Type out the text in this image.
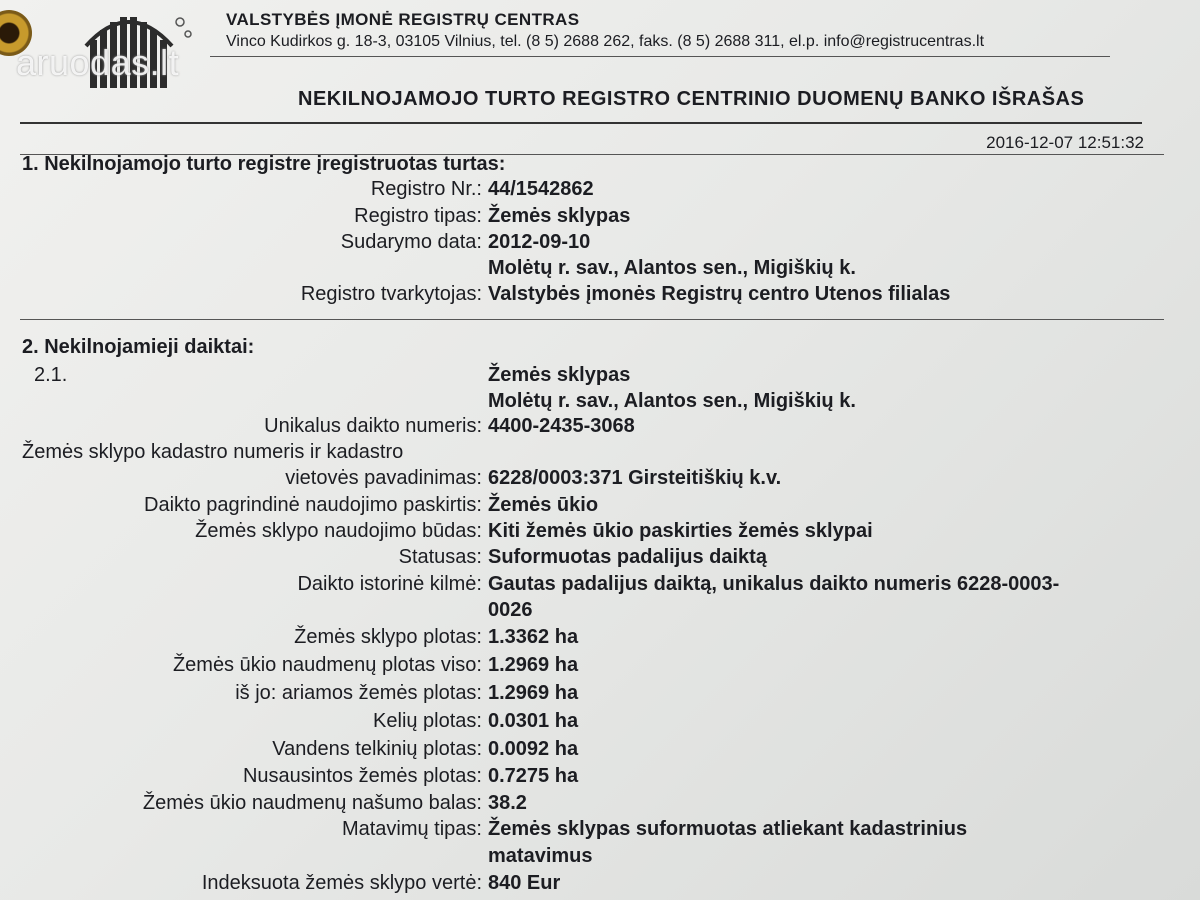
aruodas.lt
VALSTYBĖS ĮMONĖ REGISTRŲ CENTRAS
Vinco Kudirkos g. 18-3, 03105 Vilnius, tel. (8 5) 2688 262, faks. (8 5) 2688 311, el.p. info@registrucentras.lt
NEKILNOJAMOJO TURTO REGISTRO CENTRINIO DUOMENŲ BANKO IŠRAŠAS
2016-12-07 12:51:32
1. Nekilnojamojo turto registre įregistruotas turtas:
Registro Nr.: 44/1542862
Registro tipas: Žemės sklypas
Sudarymo data: 2012-09-10
Molėtų r. sav., Alantos sen., Migiškių k.
Registro tvarkytojas: Valstybės įmonės Registrų centro Utenos filialas
2. Nekilnojamieji daiktai:
2.1.	Žemės sklypas
Molėtų r. sav., Alantos sen., Migiškių k.
Unikalus daikto numeris: 4400-2435-3068
Žemės sklypo kadastro numeris ir kadastro
vietovės pavadinimas: 6228/0003:371 Girsteitiškių k.v.
Daikto pagrindinė naudojimo paskirtis: Žemės ūkio
Žemės sklypo naudojimo būdas: Kiti žemės ūkio paskirties žemės sklypai
Statusas: Suformuotas padalijus daiktą
Daikto istorinė kilmė: Gautas padalijus daiktą, unikalus daikto numeris 6228-0003-
0026
Žemės sklypo plotas: 1.3362 ha
Žemės ūkio naudmenų plotas viso: 1.2969 ha
iš jo: ariamos žemės plotas: 1.2969 ha
Kelių plotas: 0.0301 ha
Vandens telkinių plotas: 0.0092 ha
Nusausintos žemės plotas: 0.7275 ha
Žemės ūkio naudmenų našumo balas: 38.2
Matavimų tipas: Žemės sklypas suformuotas atliekant kadastrinius
matavimus
Indeksuota žemės sklypo vertė: 840 Eur
